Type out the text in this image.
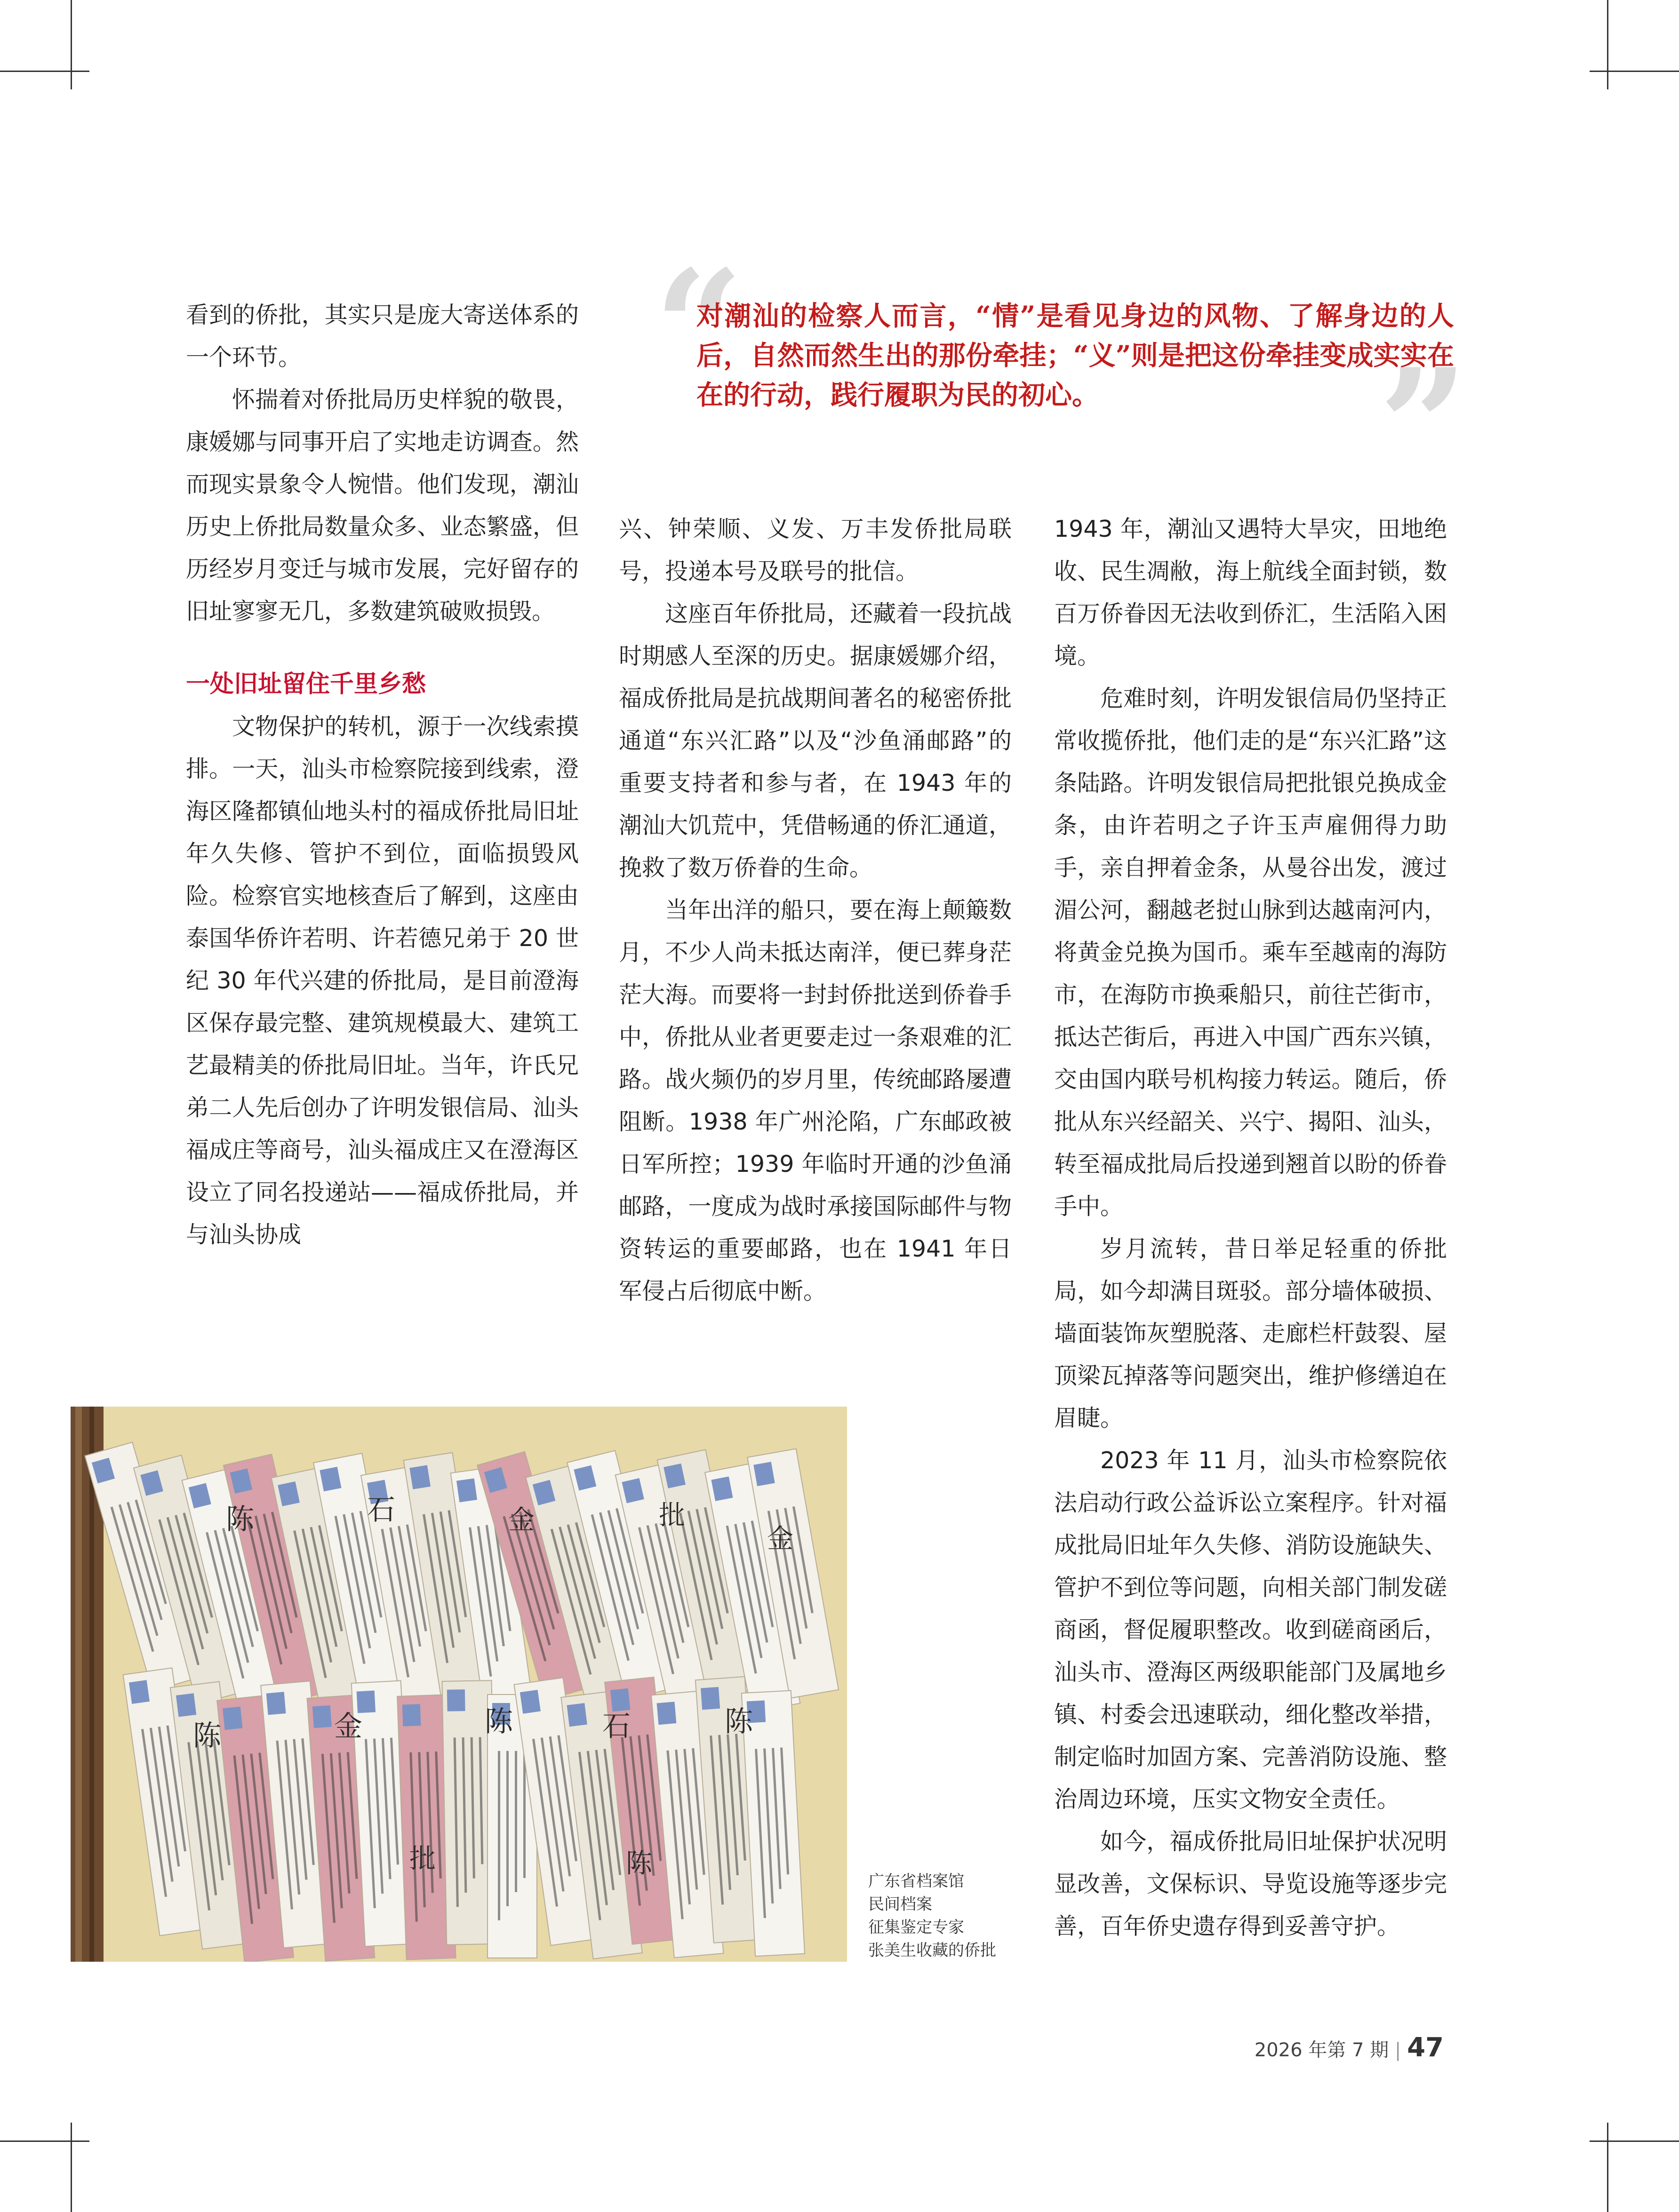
“
”
对潮汕的检察人而言，“情”是看见身边的风物、了解身边的人后，自然而然生出的那份牵挂；“义”则是把这份牵挂变成实实在在的行动，践行履职为民的初心。

看到的侨批，其实只是庞大寄送体系的一个环节。

怀揣着对侨批局历史样貌的敬畏，康媛娜与同事开启了实地走访调查。然而现实景象令人惋惜。他们发现，潮汕历史上侨批局数量众多、业态繁盛，但历经岁月变迁与城市发展，完好留存的旧址寥寥无几，多数建筑破败损毁。

一处旧址留住千里乡愁

文物保护的转机，源于一次线索摸排。一天，汕头市检察院接到线索，澄海区隆都镇仙地头村的福成侨批局旧址年久失修、管护不到位，面临损毁风险。检察官实地核查后了解到，这座由泰国华侨许若明、许若德兄弟于 20 世纪 30 年代兴建的侨批局，是目前澄海区保存最完整、建筑规模最大、建筑工艺最精美的侨批局旧址。当年，许氏兄弟二人先后创办了许明发银信局、汕头福成庄等商号，汕头福成庄又在澄海区设立了同名投递站——福成侨批局，并与汕头协成

兴、钟荣顺、义发、万丰发侨批局联号，投递本号及联号的批信。

这座百年侨批局，还藏着一段抗战时期感人至深的历史。据康媛娜介绍，福成侨批局是抗战期间著名的秘密侨批通道“东兴汇路”以及“沙鱼涌邮路”的重要支持者和参与者，在 1943 年的潮汕大饥荒中，凭借畅通的侨汇通道，挽救了数万侨眷的生命。

当年出洋的船只，要在海上颠簸数月，不少人尚未抵达南洋，便已葬身茫茫大海。而要将一封封侨批送到侨眷手中，侨批从业者更要走过一条艰难的汇路。战火频仍的岁月里，传统邮路屡遭阻断。1938 年广州沦陷，广东邮政被日军所控；1939 年临时开通的沙鱼涌邮路，一度成为战时承接国际邮件与物资转运的重要邮路，也在 1941 年日军侵占后彻底中断。

1943 年，潮汕又遇特大旱灾，田地绝收、民生凋敝，海上航线全面封锁，数百万侨眷因无法收到侨汇，生活陷入困境。

危难时刻，许明发银信局仍坚持正常收揽侨批，他们走的是“东兴汇路”这条陆路。许明发银信局把批银兑换成金条，由许若明之子许玉声雇佣得力助手，亲自押着金条，从曼谷出发，渡过湄公河，翻越老挝山脉到达越南河内，将黄金兑换为国币。乘车至越南的海防市，在海防市换乘船只，前往芒街市，抵达芒街后，再进入中国广西东兴镇，交由国内联号机构接力转运。随后，侨批从东兴经韶关、兴宁、揭阳、汕头，转至福成批局后投递到翘首以盼的侨眷手中。

岁月流转，昔日举足轻重的侨批局，如今却满目斑驳。部分墙体破损、墙面装饰灰塑脱落、走廊栏杆鼓裂、屋顶梁瓦掉落等问题突出，维护修缮迫在眉睫。

2023 年 11 月，汕头市检察院依法启动行政公益诉讼立案程序。针对福成批局旧址年久失修、消防设施缺失、管护不到位等问题，向相关部门制发磋商函，督促履职整改。收到磋商函后，汕头市、澄海区两级职能部门及属地乡镇、村委会迅速联动，细化整改举措，制定临时加固方案、完善消防设施、整治周边环境，压实文物安全责任。

如今，福成侨批局旧址保护状况明显改善，文保标识、导览设施等逐步完善，百年侨史遗存得到妥善守护。

陈	石	金	批
陈	金	陈	石	陈
金
批	陈
广东省档案馆
民间档案
征集鉴定专家
张美生收藏的侨批
2026 年第 7 期 | 47
